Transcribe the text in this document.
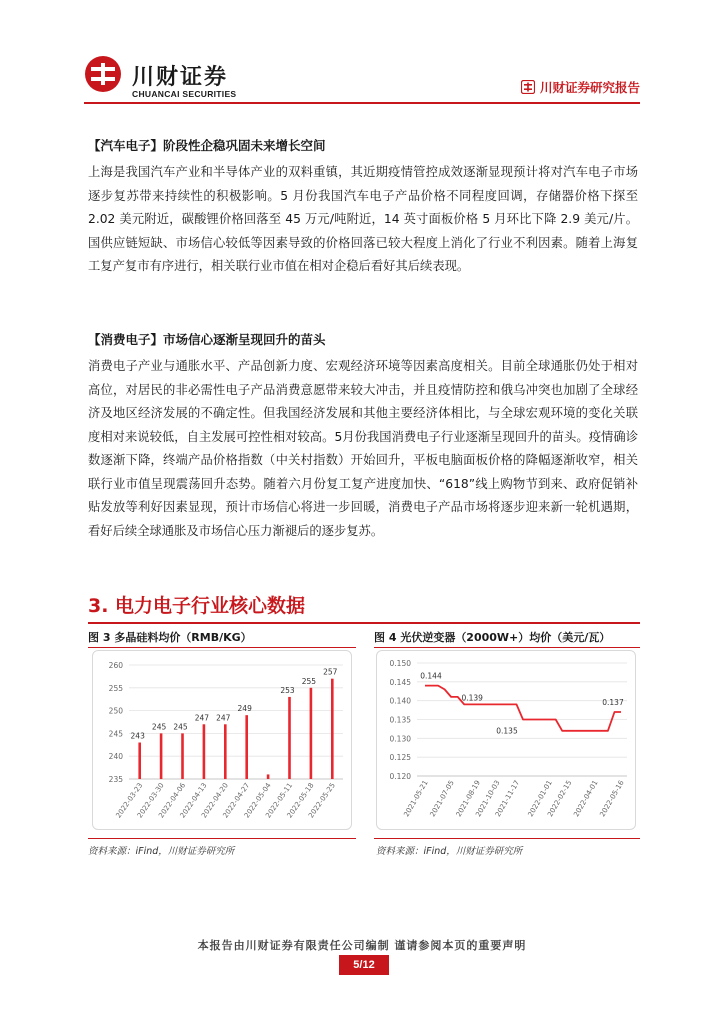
川财证券
CHUANCAI SECURITIES	川财证券研究报告
【汽车电子】阶段性企稳巩固未来增长空间

上海是我国汽车产业和半导体产业的双料重镇，其近期疫情管控成效逐渐显现预计将对汽车电子市场逐步复苏带来持续性的积极影响。5 月份我国汽车电子产品价格不同程度回调，存储器价格下探至 2.02 美元附近，碳酸锂价格回落至 45 万元/吨附近，14 英寸面板价格 5 月环比下降 2.9 美元/片。国供应链短缺、市场信心较低等因素导致的价格回落已较大程度上消化了行业不利因素。随着上海复工复产复市有序进行，相关联行业市值在相对企稳后看好其后续表现。

【消费电子】市场信心逐渐呈现回升的苗头

消费电子产业与通胀水平、产品创新力度、宏观经济环境等因素高度相关。目前全球通胀仍处于相对高位，对居民的非必需性电子产品消费意愿带来较大冲击，并且疫情防控和俄乌冲突也加剧了全球经济及地区经济发展的不确定性。但我国经济发展和其他主要经济体相比，与全球宏观环境的变化关联度相对来说较低，自主发展可控性相对较高。5月份我国消费电子行业逐渐呈现回升的苗头。疫情确诊数逐渐下降，终端产品价格指数（中关村指数）开始回升，平板电脑面板价格的降幅逐渐收窄，相关联行业市值呈现震荡回升态势。随着六月份复工复产进度加快、“618”线上购物节到来、政府促销补贴发放等利好因素显现，预计市场信心将进一步回暖，消费电子产品市场将逐步迎来新一轮机遇期，看好后续全球通胀及市场信心压力渐褪后的逐步复苏。

3. 电力电子行业核心数据
图 3 多晶硅料均价（RMB/KG）
235
240
245
250
255
260
243
245 245
247 247
249
253
255
257
2022-03-23
2022-03-30
2022-04-06
2022-04-13
2022-04-20
2022-04-27
2022-05-04
2022-05-11
2022-05-18
2022-05-25
资料来源：iFind，川财证券研究所
图 4 光伏逆变器（2000W+）均价（美元/瓦）
0.120
0.125
0.130
0.135
0.140
0.145
0.150
0.144
0.139
0.135
0.137
2021-05-21
2021-07-05
2021-08-19
2021-10-03
2021-11-17 2022-01-01
2022-02-15
2022-04-01
2022-05-16
资料来源：iFind，川财证券研究所
本报告由川财证券有限责任公司编制 谨请参阅本页的重要声明
5/12
